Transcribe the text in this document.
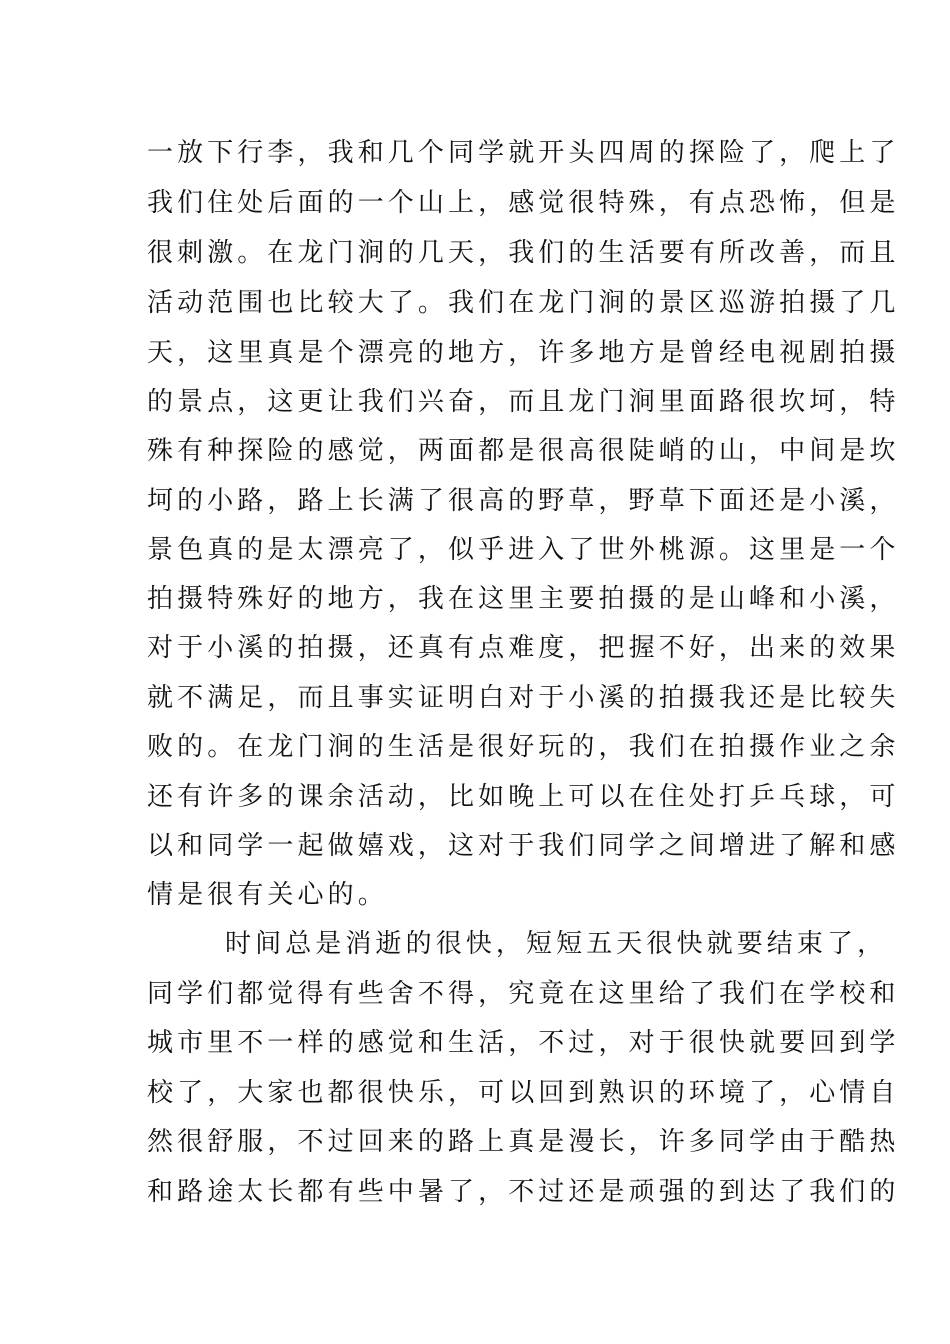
一放下行李，我和几个同学就开头四周的探险了，爬上了
我们住处后面的一个山上，感觉很特殊，有点恐怖，但是
很刺激。在龙门涧的几天，我们的生活要有所改善，而且
活动范围也比较大了。我们在龙门涧的景区巡游拍摄了几
天，这里真是个漂亮的地方，许多地方是曾经电视剧拍摄
的景点，这更让我们兴奋，而且龙门涧里面路很坎坷，特
殊有种探险的感觉，两面都是很高很陡峭的山，中间是坎
坷的小路，路上长满了很高的野草，野草下面还是小溪，
景色真的是太漂亮了，似乎进入了世外桃源。这里是一个
拍摄特殊好的地方，我在这里主要拍摄的是山峰和小溪，
对于小溪的拍摄，还真有点难度，把握不好，出来的效果
就不满足，而且事实证明白对于小溪的拍摄我还是比较失
败的。在龙门涧的生活是很好玩的，我们在拍摄作业之余
还有许多的课余活动，比如晚上可以在住处打乒乓球，可
以和同学一起做嬉戏，这对于我们同学之间增进了解和感
情是很有关心的。
时间总是消逝的很快，短短五天很快就要结束了，
同学们都觉得有些舍不得，究竟在这里给了我们在学校和
城市里不一样的感觉和生活，不过，对于很快就要回到学
校了，大家也都很快乐，可以回到熟识的环境了，心情自
然很舒服，不过回来的路上真是漫长，许多同学由于酷热
和路途太长都有些中暑了，不过还是顽强的到达了我们的
